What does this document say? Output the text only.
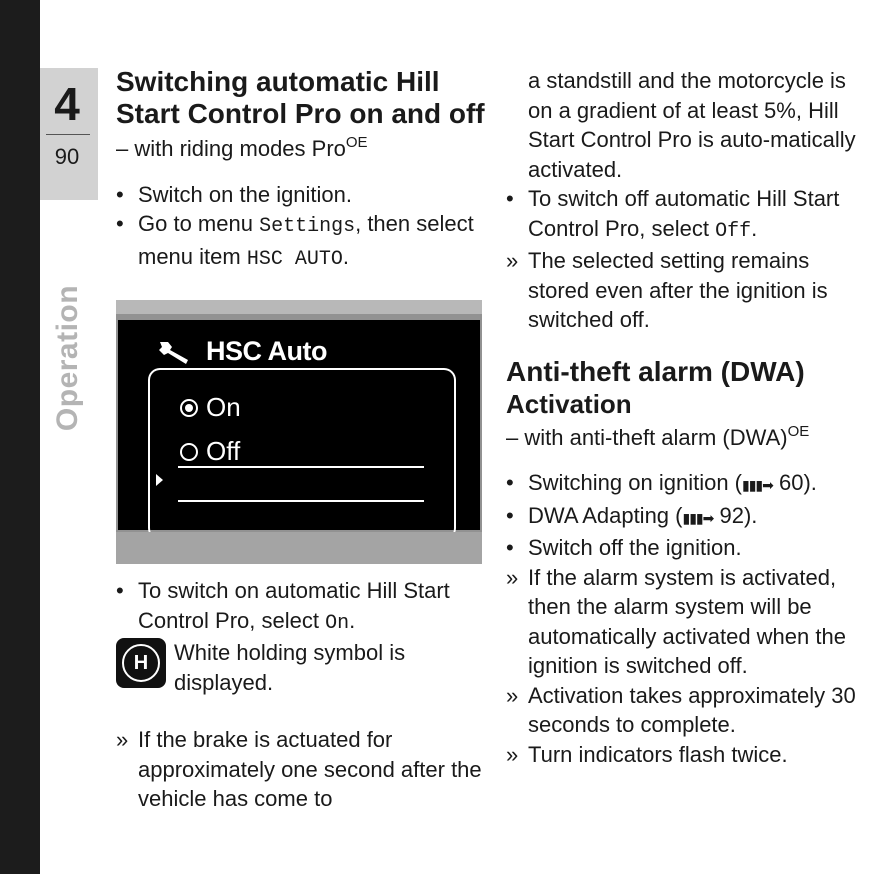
4
90
Operation
Switching automatic Hill Start Control Pro on and off
– with riding modes Pro$^{OE}$
• Switch on the ignition.
• Go to menu Settings, then select menu item HSC AUTO.
HSC Auto
On
Off
• To switch on automatic Hill Start Control Pro, select On.
H	White holding symbol is displayed.
» If the brake is actuated for approximately one second after the vehicle has come to
a standstill and the motorcycle is on a gradient of at least 5%, Hill Start Control Pro is auto-matically activated.
• To switch off automatic Hill Start Control Pro, select Off.
» The selected setting remains stored even after the ignition is switched off.
Anti-theft alarm (DWA)
Activation
– with anti-theft alarm (DWA)$^{OE}$
• Switching on ignition (▮▮▮➡ 60).
• DWA Adapting (▮▮▮➡ 92).
• Switch off the ignition.
» If the alarm system is activated, then the alarm system will be automatically activated when the ignition is switched off.
» Activation takes approximately 30 seconds to complete.
» Turn indicators flash twice.
